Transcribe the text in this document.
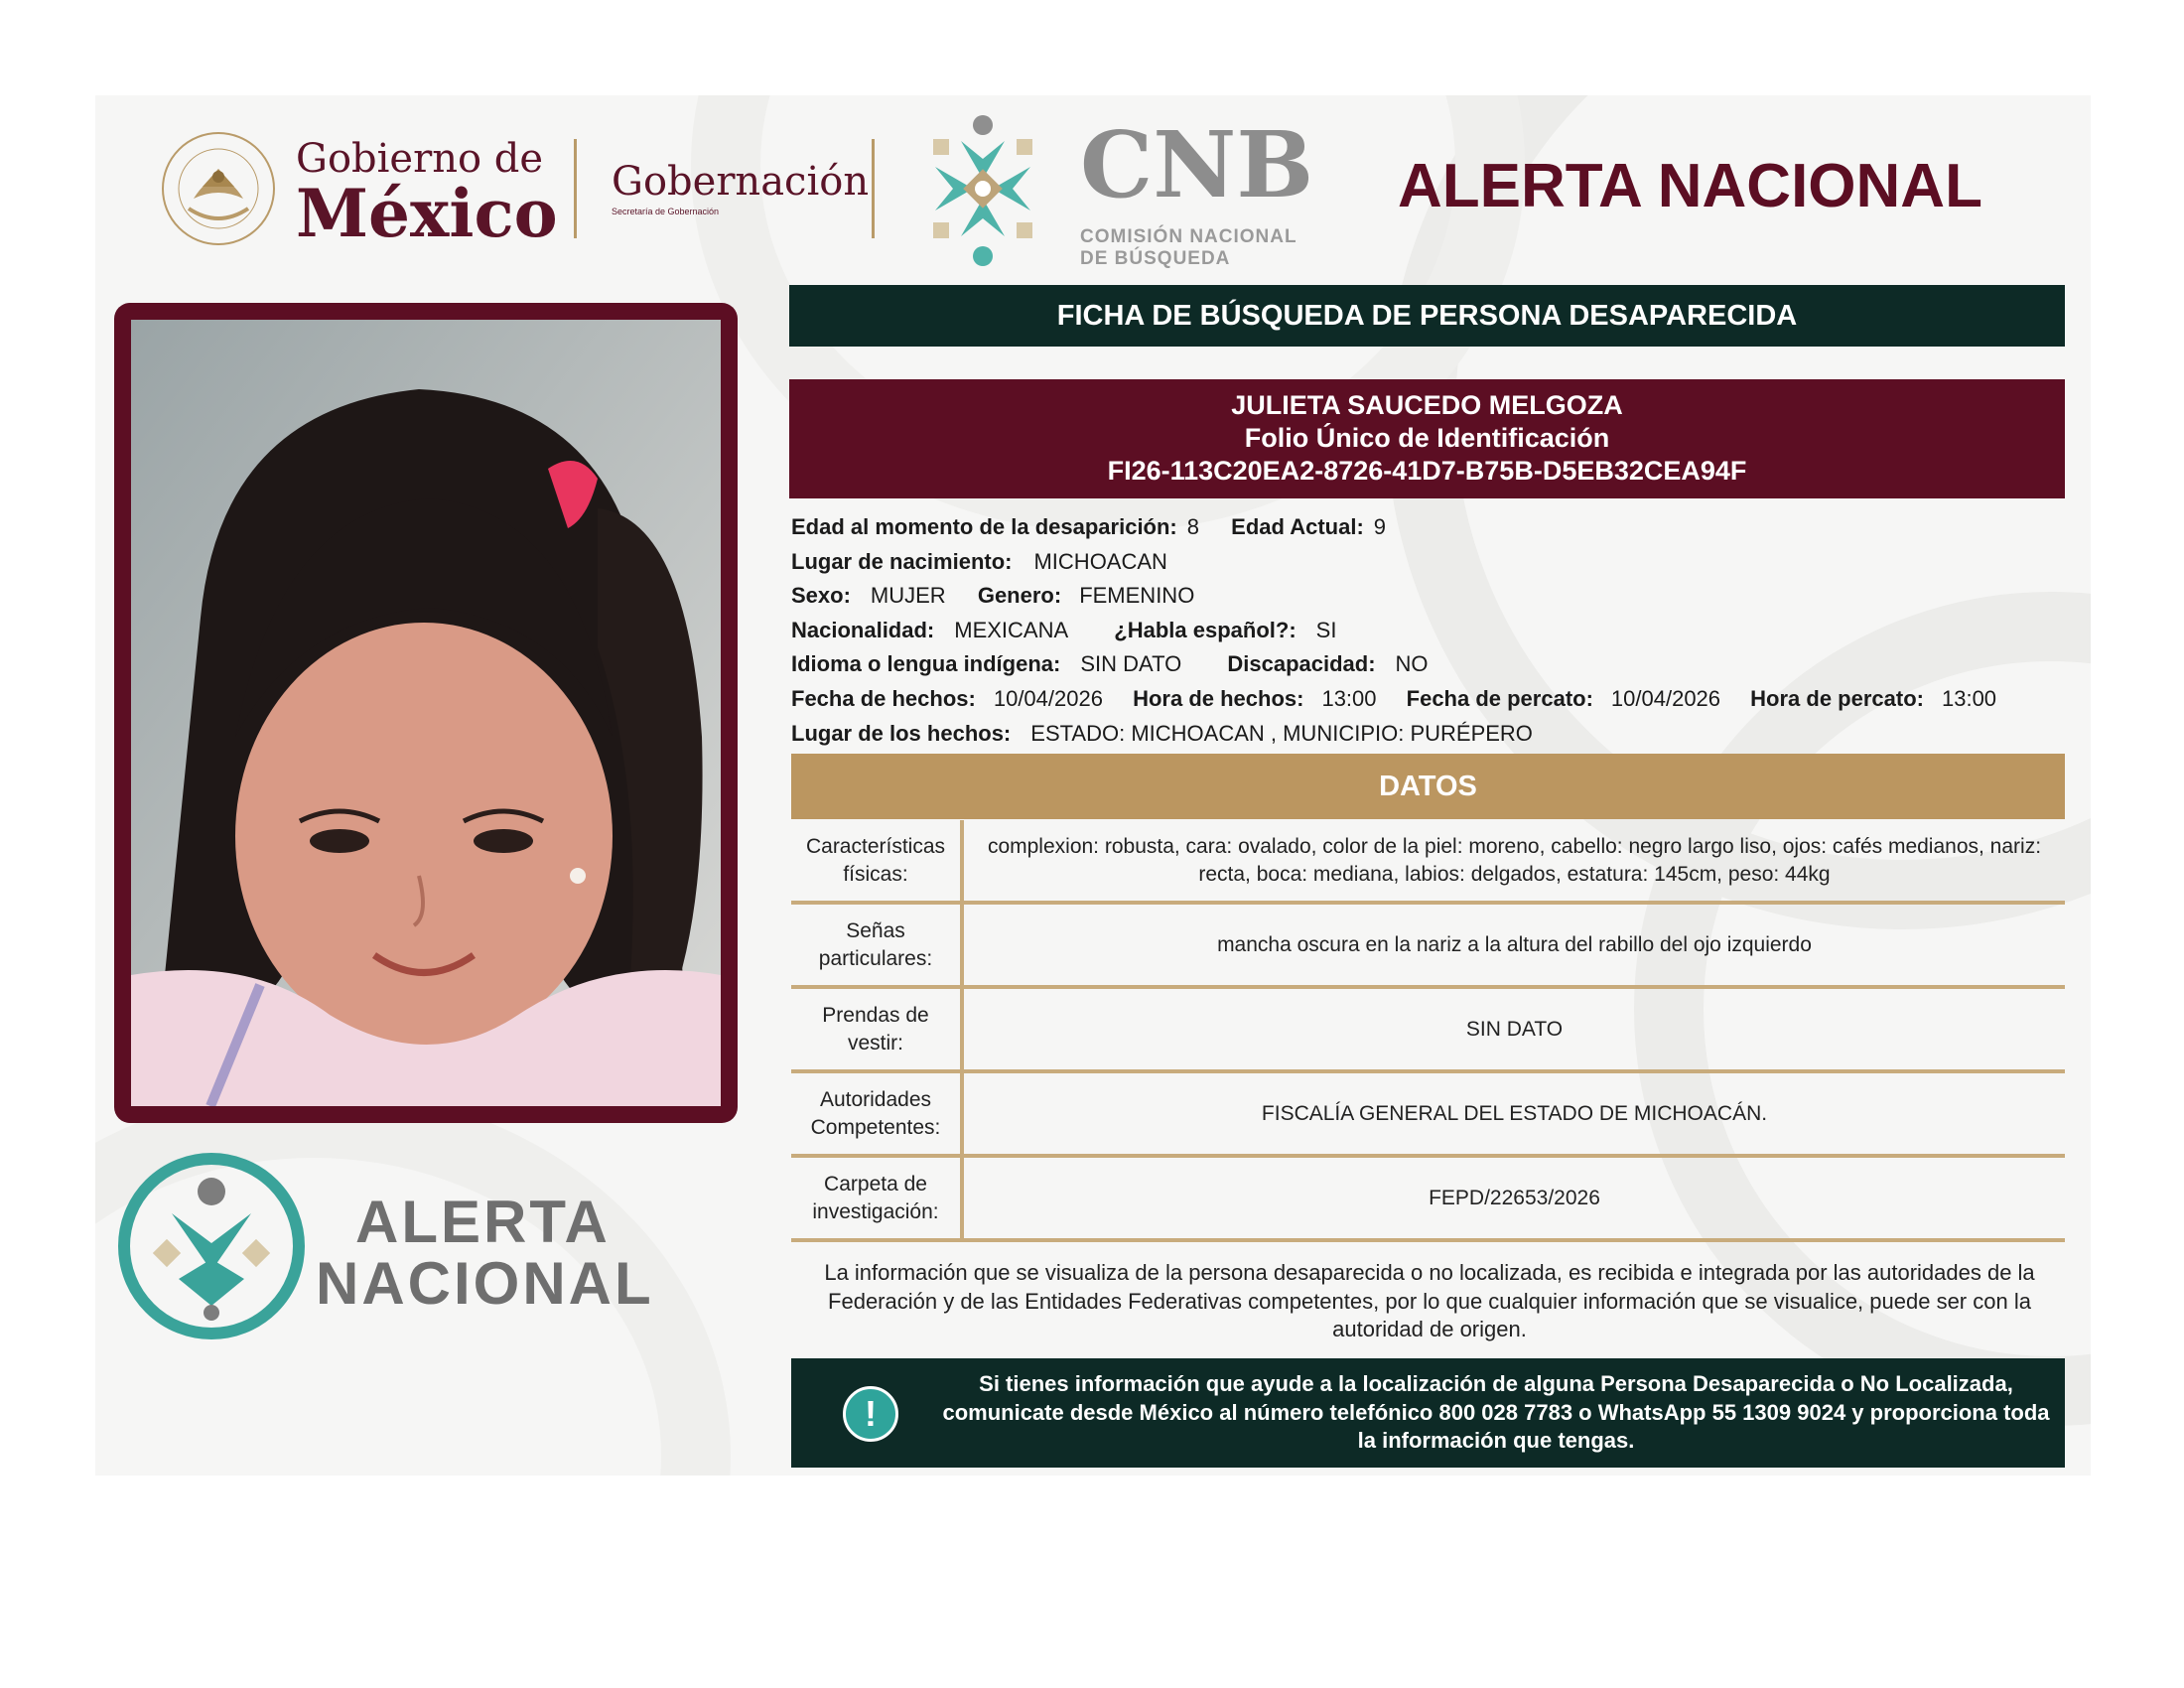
Gobierno de
México Gobernación
Secretaría de Gobernación	CNB
COMISIÓN NACIONAL
DE BÚSQUEDA
ALERTA NACIONAL
ALERTA
NACIONAL
FICHA DE BÚSQUEDA DE PERSONA DESAPARECIDA
JULIETA SAUCEDO MELGOZA
Folio Único de Identificación
FI26-113C20EA2-8726-41D7-B75B-D5EB32CEA94F
Edad al momento de la desaparición: 8 Edad Actual: 9
Lugar de nacimiento: MICHOACAN
Sexo: MUJER Genero: FEMENINO
Nacionalidad: MEXICANA ¿Habla español?: SI
Idioma o lengua indígena: SIN DATO Discapacidad: NO
Fecha de hechos: 10/04/2026 Hora de hechos: 13:00 Fecha de percato: 10/04/2026 Hora de percato: 13:00
Lugar de los hechos: ESTADO: MICHOACAN , MUNICIPIO: PURÉPERO
DATOS
Características físicas:	complexion: robusta, cara: ovalado, color de la piel: moreno, cabello: negro largo liso, ojos: cafés medianos, nariz: recta, boca: mediana, labios: delgados, estatura: 145cm, peso: 44kg
Señas particulares:	mancha oscura en la nariz a la altura del rabillo del ojo izquierdo
Prendas de vestir:	SIN DATO
Autoridades Competentes:	FISCALÍA GENERAL DEL ESTADO DE MICHOACÁN.
Carpeta de investigación:	FEPD/22653/2026
La información que se visualiza de la persona desaparecida o no localizada, es recibida e integrada por las autoridades de la Federación y de las Entidades Federativas competentes, por lo que cualquier información que se visualice, puede ser con la autoridad de origen.
!
Si tienes información que ayude a la localización de alguna Persona Desaparecida o No Localizada, comunicate desde México al número telefónico 800 028 7783 o WhatsApp 55 1309 9024 y proporciona toda la información que tengas.
